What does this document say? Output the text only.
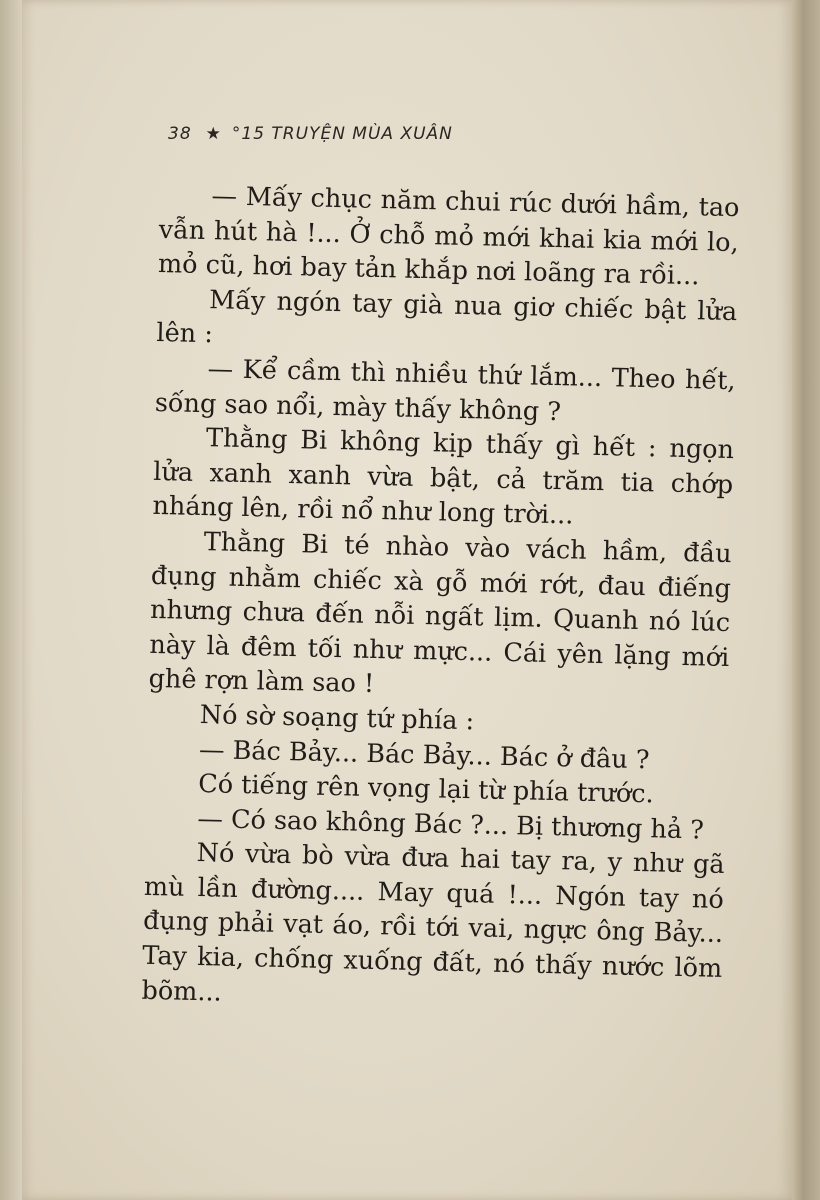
38 ★ °15 TRUYỆN MÙA XUÂN

— Mấy chục năm chui rúc dưới hầm, tao vẫn hút hà !... Ở chỗ mỏ mới khai kia mới lo, mỏ cũ, hơi bay tản khắp nơi loãng ra rồi...

Mấy ngón tay già nua giơ chiếc bật lửa lên :

— Kể cầm thì nhiều thứ lắm... Theo hết, sống sao nổi, mày thấy không ?

Thằng Bi không kịp thấy gì hết : ngọn lửa xanh xanh vừa bật, cả trăm tia chớp nháng lên, rồi nổ như long trời...

Thằng Bi té nhào vào vách hầm, đầu đụng nhằm chiếc xà gỗ mới rớt, đau điếng nhưng chưa đến nỗi ngất lịm. Quanh nó lúc này là đêm tối như mực... Cái yên lặng mới ghê rợn làm sao !

Nó sờ soạng tứ phía :

— Bác Bảy... Bác Bảy... Bác ở đâu ?

Có tiếng rên vọng lại từ phía trước.

— Có sao không Bác ?... Bị thương hả ?

Nó vừa bò vừa đưa hai tay ra, y như gã mù lần đường.... May quá !... Ngón tay nó đụng phải vạt áo, rồi tới vai, ngực ông Bảy... Tay kia, chống xuống đất, nó thấy nước lõm bõm...
